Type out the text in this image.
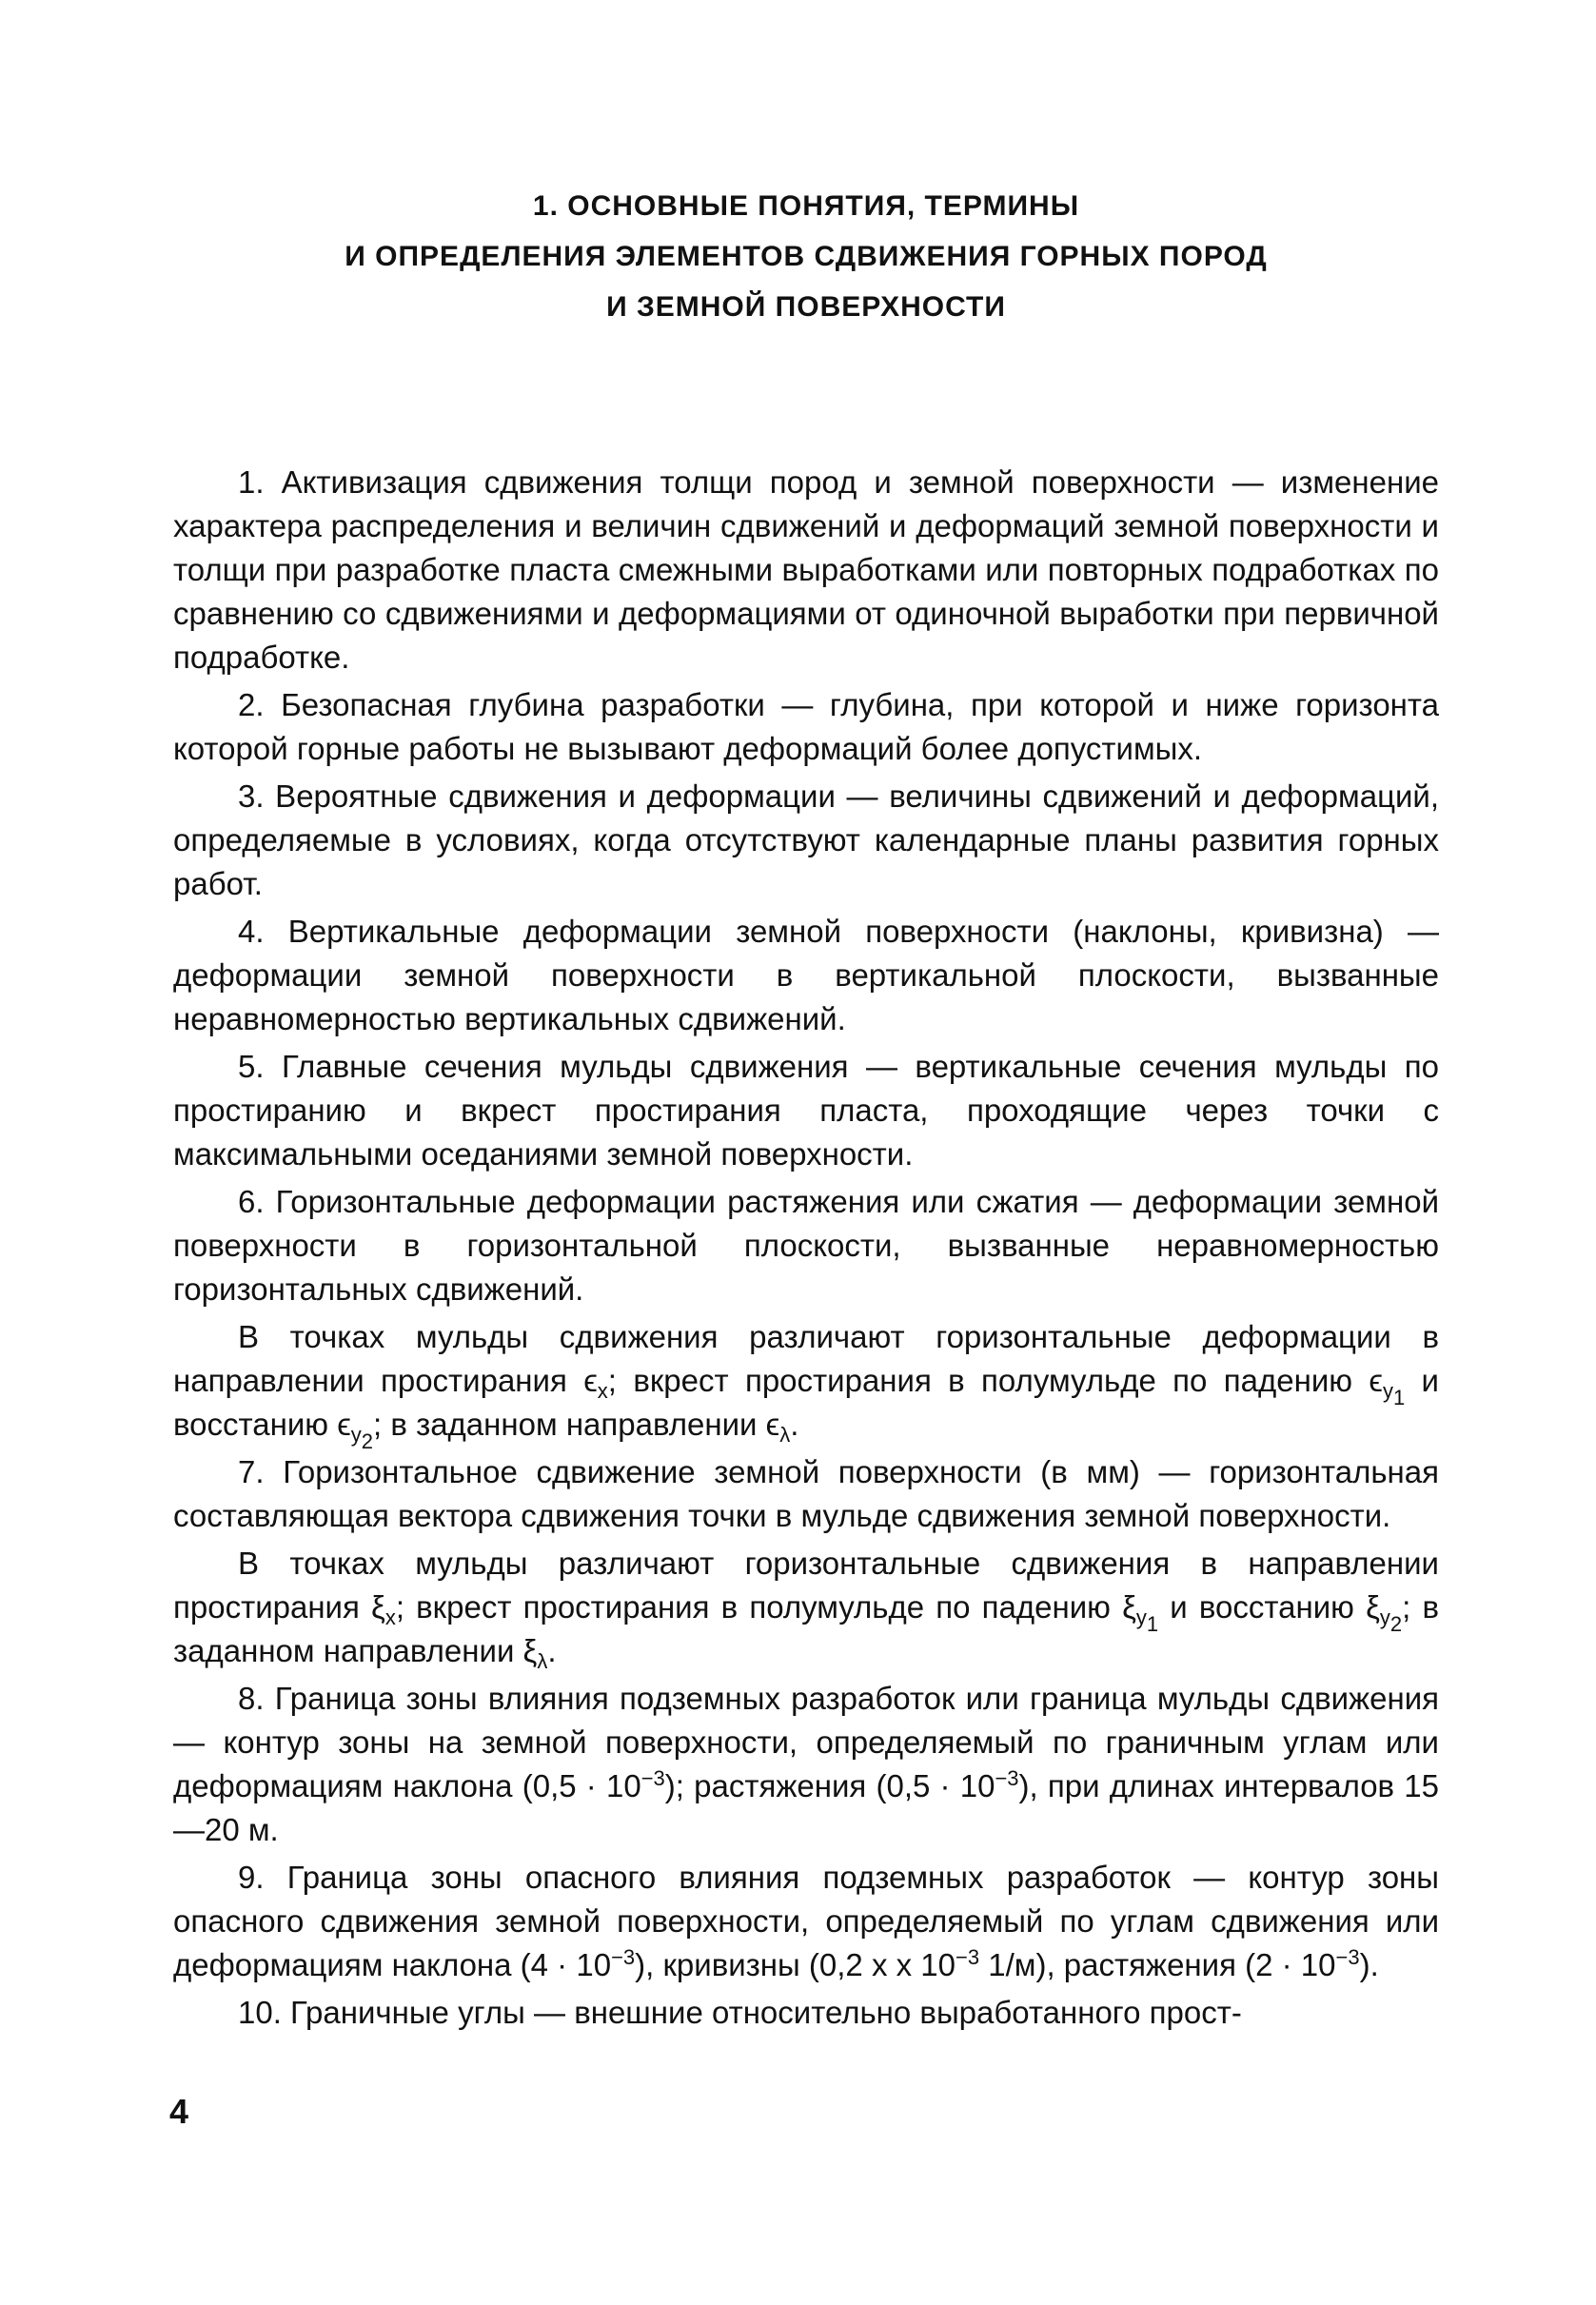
1. ОСНОВНЫЕ ПОНЯТИЯ, ТЕРМИНЫ
И ОПРЕДЕЛЕНИЯ ЭЛЕМЕНТОВ СДВИЖЕНИЯ ГОРНЫХ ПОРОД
И ЗЕМНОЙ ПОВЕРХНОСТИ

1. Активизация сдвижения толщи пород и земной поверхности — изменение характера распределения и величин сдвижений и деформаций земной поверхности и толщи при разработке пласта смежными выработками или повторных подработках по сравнению со сдвижениями и деформациями от одиночной выработки при первичной подработке.

2. Безопасная глубина разработки — глубина, при которой и ниже горизонта которой горные работы не вызывают деформаций более допустимых.

3. Вероятные сдвижения и деформации — величины сдвижений и деформаций, определяемые в условиях, когда отсутствуют календарные планы развития горных работ.

4. Вертикальные деформации земной поверхности (наклоны, кривизна) — деформации земной поверхности в вертикальной плоскости, вызванные неравномерностью вертикальных сдвижений.

5. Главные сечения мульды сдвижения — вертикальные сечения мульды по простиранию и вкрест простирания пласта, проходящие через точки с максимальными оседаниями земной поверхности.

6. Горизонтальные деформации растяжения или сжатия — деформации земной поверхности в горизонтальной плоскости, вызванные неравномерностью горизонтальных сдвижений.

В точках мульды сдвижения различают горизонтальные деформации в направлении простирания $\epsilon_x$; вкрест простирания в полумульде по падению $\epsilon_{y_1}$ и восстанию $\epsilon_{y_2}$; в заданном направлении $\epsilon_\lambda$.

7. Горизонтальное сдвижение земной поверхности (в мм) — горизонтальная составляющая вектора сдвижения точки в мульде сдвижения земной поверхности.

В точках мульды различают горизонтальные сдвижения в направлении простирания $\xi_x$; вкрест простирания в полумульде по падению $\xi_{y_1}$ и восстанию $\xi_{y_2}$; в заданном направлении $\xi_\lambda$.

8. Граница зоны влияния подземных разработок или граница мульды сдвижения — контур зоны на земной поверхности, определяемый по граничным углам или деформациям наклона $(0,5 \cdot 10^{-3})$; растяжения $(0,5 \cdot 10^{-3})$, при длинах интервалов 15—20 м.

9. Граница зоны опасного влияния подземных разработок — контур зоны опасного сдвижения земной поверхности, определяемый по углам сдвижения или деформациям наклона $(4 \cdot 10^{-3})$, кривизны (0,2 x x $10^{-3}$ 1/м), растяжения $(2 \cdot 10^{-3})$.

10. Граничные углы — внешние относительно выработанного прост-

4
